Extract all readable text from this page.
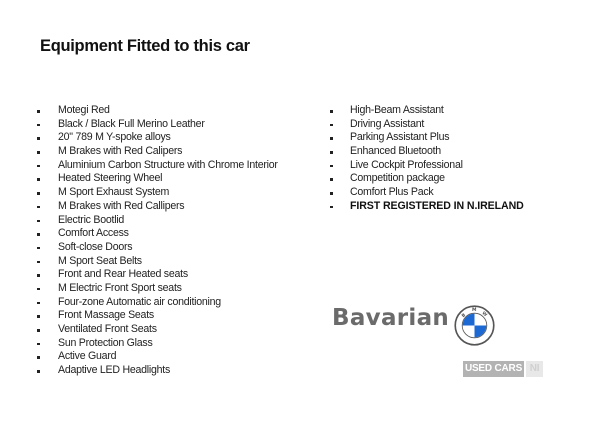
Equipment Fitted to this car
Motegi Red
Black / Black Full Merino Leather
20" 789 M Y-spoke alloys
M Brakes with Red Calipers
Aluminium Carbon Structure with Chrome Interior
Heated Steering Wheel
M Sport Exhaust System
M Brakes with Red Callipers
Electric Bootlid
Comfort Access
Soft-close Doors
M Sport Seat Belts
Front and Rear Heated seats
M Electric Front Sport seats
Four-zone Automatic air conditioning
Front Massage Seats
Ventilated Front Seats
Sun Protection Glass
Active Guard
Adaptive LED Headlights
High-Beam Assistant
Driving Assistant
Parking Assistant Plus
Enhanced Bluetooth
Live Cockpit Professional
Competition package
Comfort Plus Pack
FIRST REGISTERED IN N.IRELAND
Bavarian B
M
W
USED CARS NI
